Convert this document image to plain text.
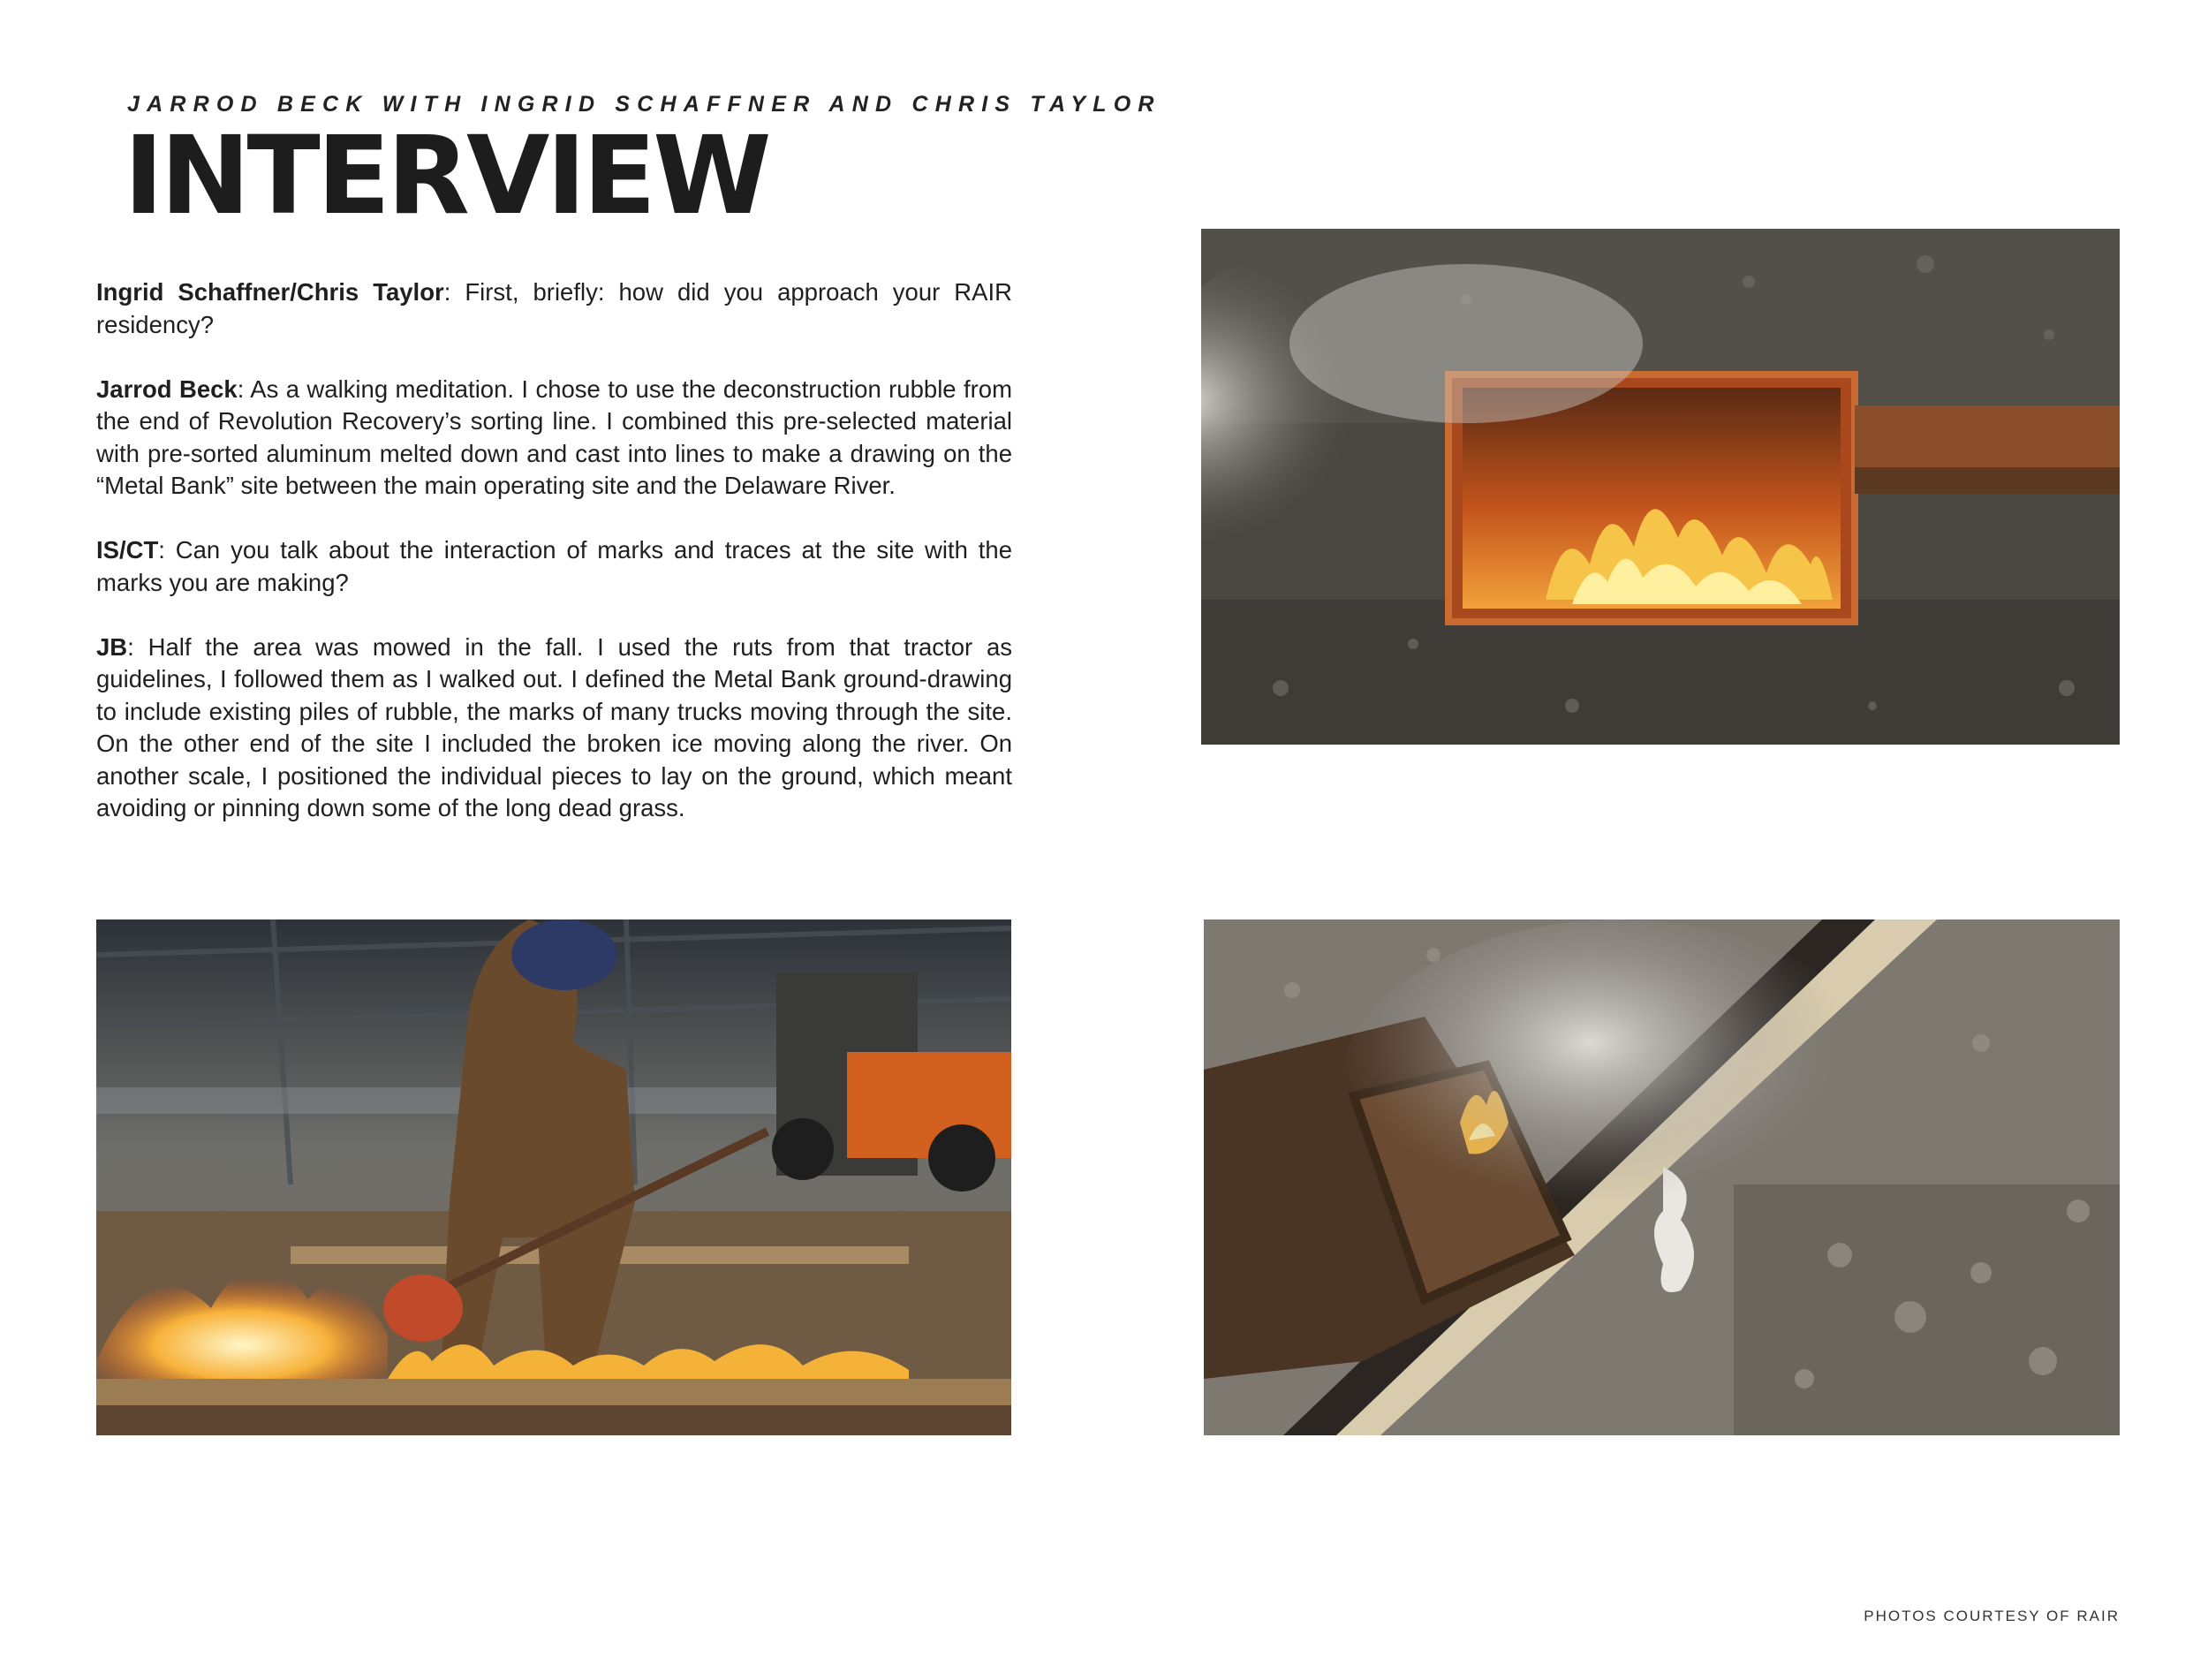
JARROD BECK WITH INGRID SCHAFFNER AND CHRIS TAYLOR
INTERVIEW

Ingrid Schaffner/Chris Taylor: First, briefly: how did you approach your RAIR residency?

Jarrod Beck: As a walking meditation. I chose to use the deconstruction rubble from the end of Revolution Recovery’s sorting line. I combined this pre-selected material with pre-sorted aluminum melted down and cast into lines to make a drawing on the “Metal Bank” site between the main operating site and the Delaware River.

IS/CT: Can you talk about the interaction of marks and traces at the site with the marks you are making?

JB: Half the area was mowed in the fall. I used the ruts from that tractor as guidelines, I followed them as I walked out. I defined the Metal Bank ground-drawing to include existing piles of rubble, the marks of many trucks moving through the site. On the other end of the site I included the broken ice moving along the river. On another scale, I positioned the individual pieces to lay on the ground, which meant avoiding or pinning down some of the long dead grass.

PHOTOS COURTESY OF RAIR
